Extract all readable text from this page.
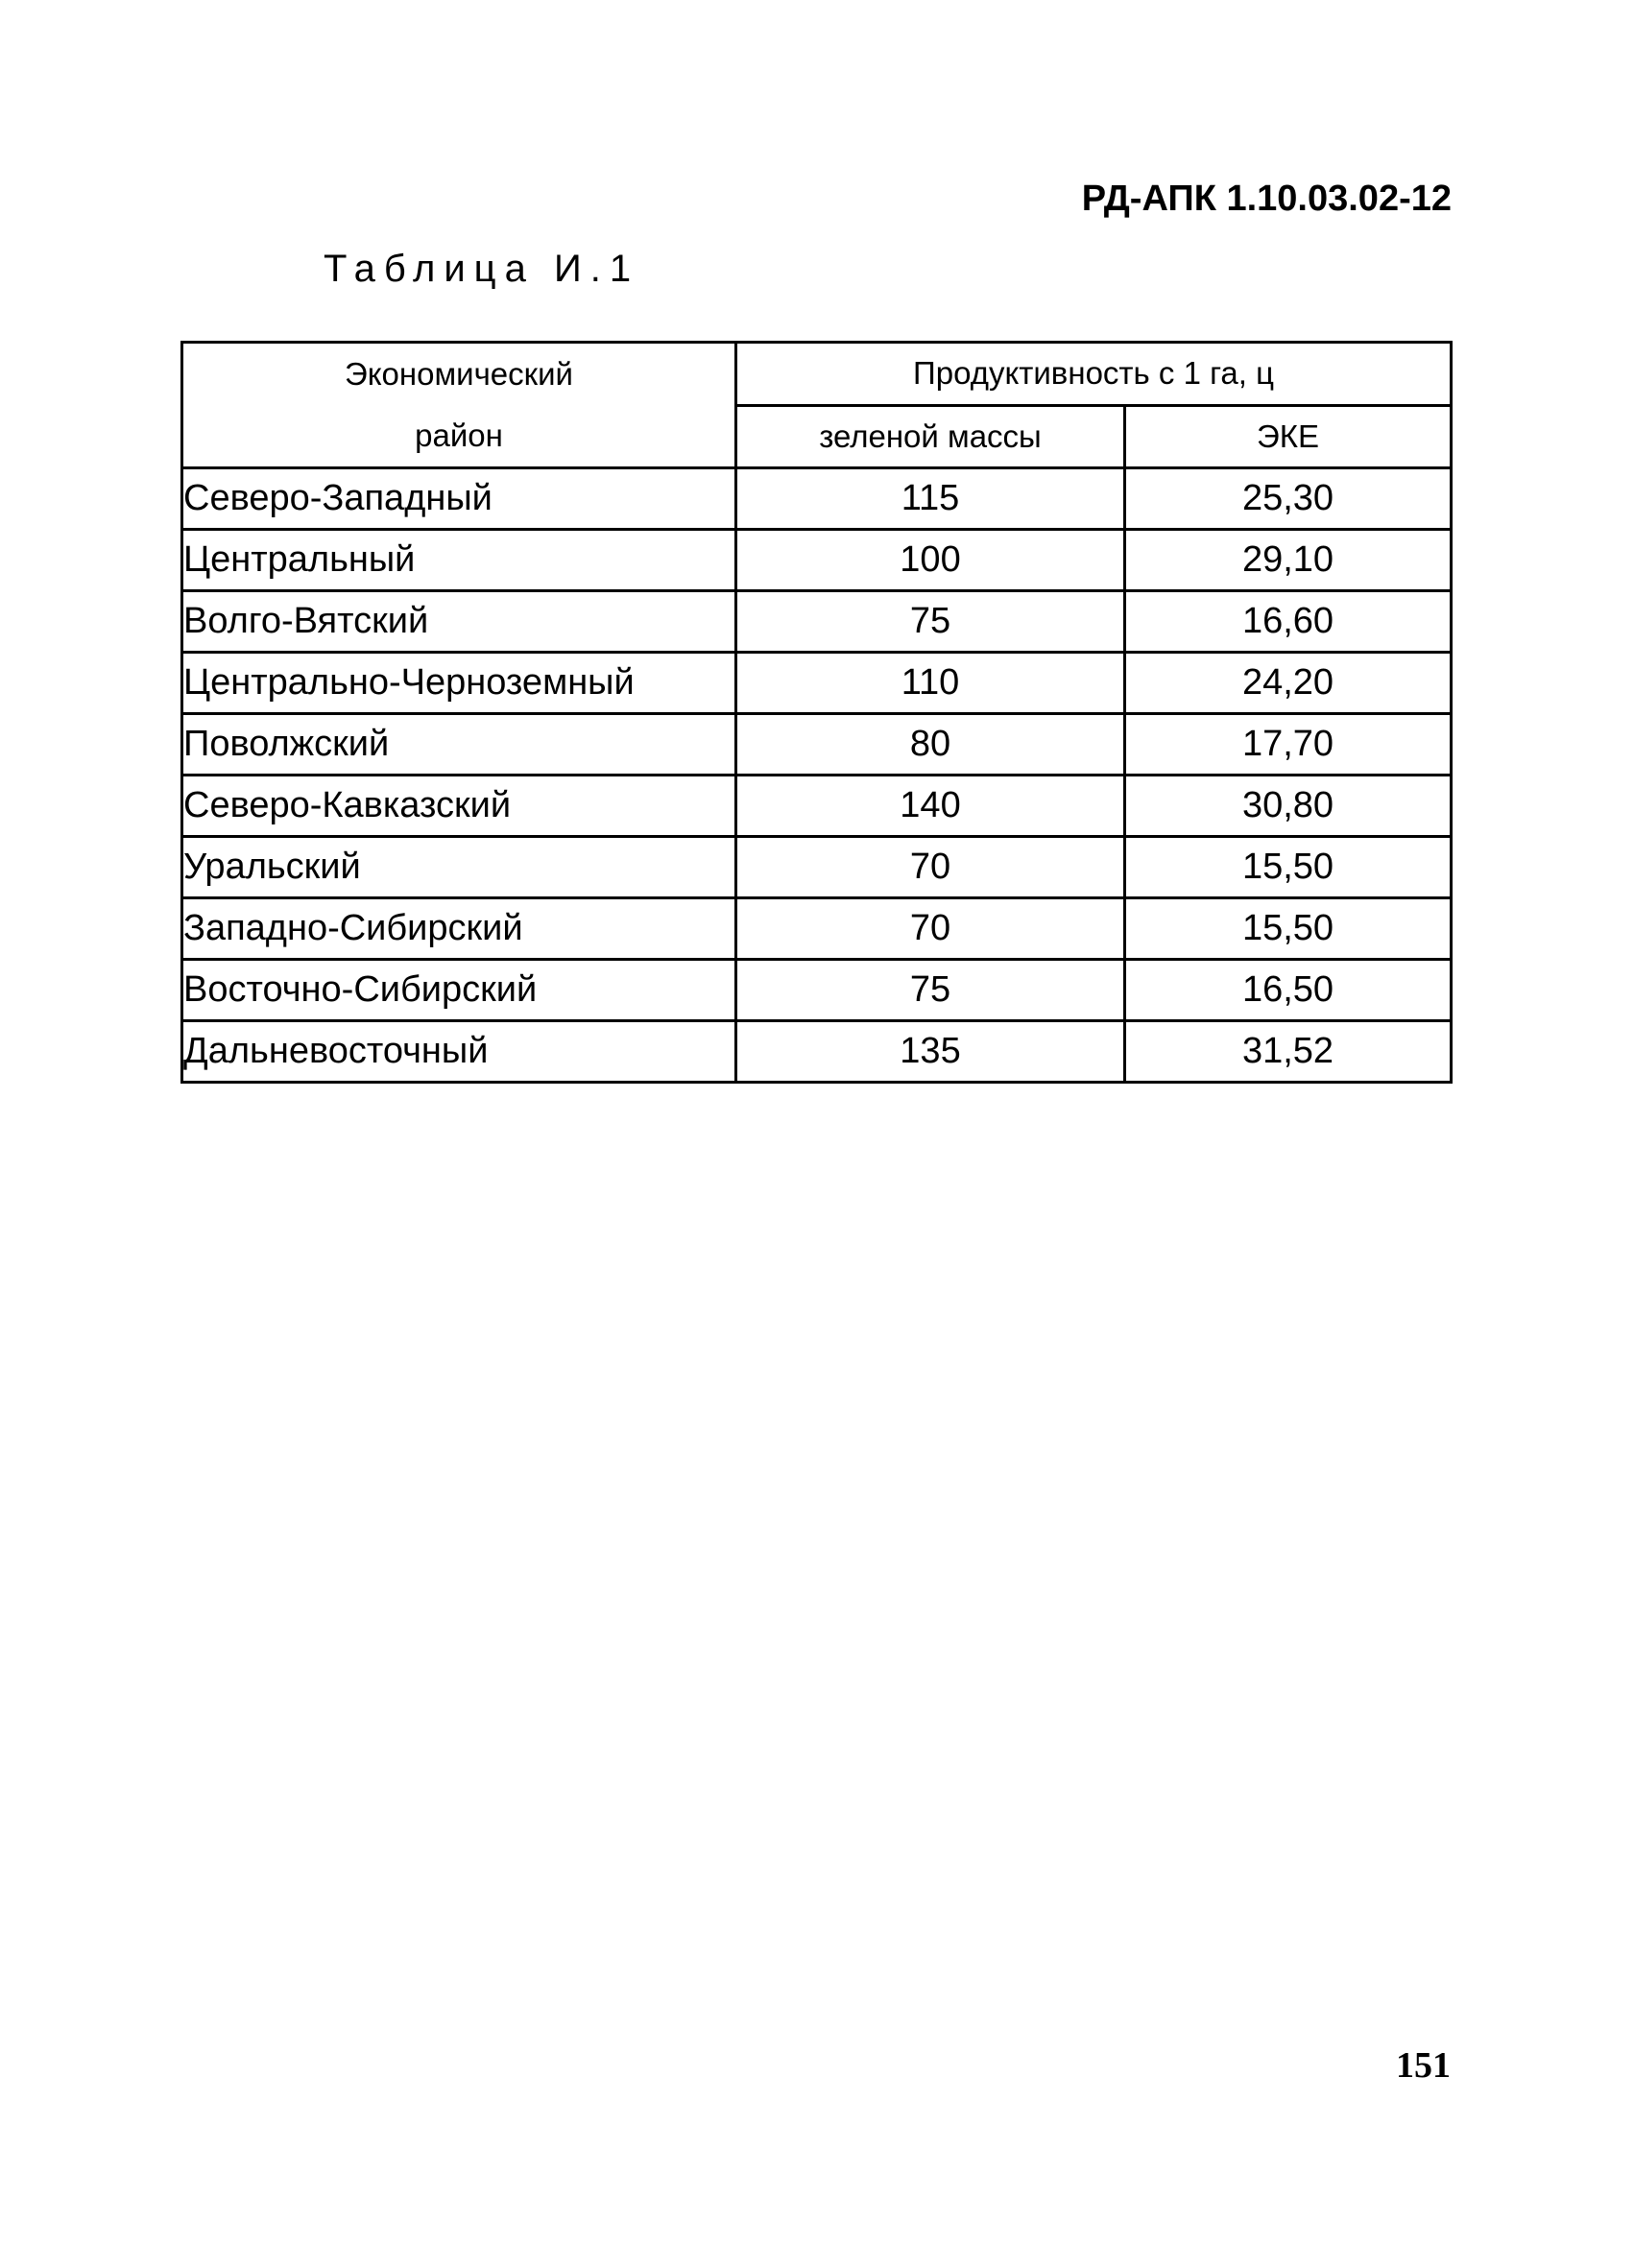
РД-АПК 1.10.03.02-12
Таблица И.1
Экономический
район	Продуктивность с 1 га, ц	
	зеленой массы	ЭКЕ
Северо-Западный	115	25,30
Центральный	100	29,10
Волго-Вятский	75	16,60
Центрально-Черноземный	110	24,20
Поволжский	80	17,70
Северо-Кавказский	140	30,80
Уральский	70	15,50
Западно-Сибирский	70	15,50
Восточно-Сибирский	75	16,50
Дальневосточный	135	31,52
151
